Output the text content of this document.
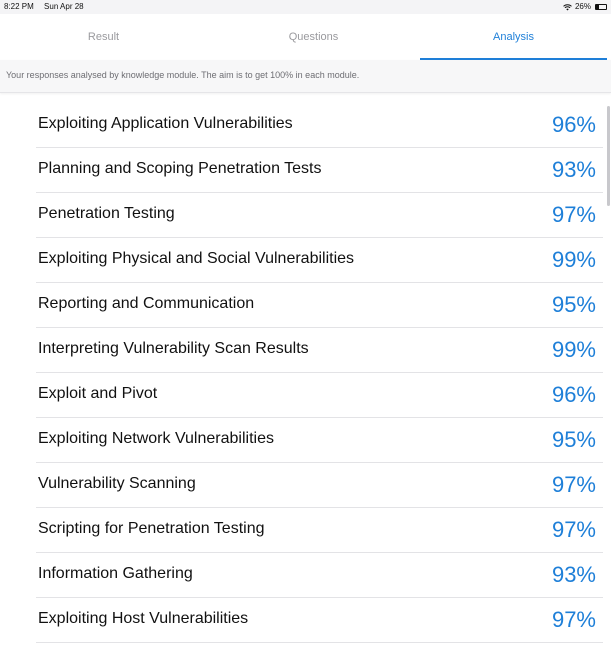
8:22 PM Sun Apr 28	26%
Result	Questions	Analysis
Your responses analysed by knowledge module. The aim is to get 100% in each module.
Exploiting Application Vulnerabilities	96%
Planning and Scoping Penetration Tests	93%
Penetration Testing	97%
Exploiting Physical and Social Vulnerabilities	99%
Reporting and Communication	95%
Interpreting Vulnerability Scan Results	99%
Exploit and Pivot	96%
Exploiting Network Vulnerabilities	95%
Vulnerability Scanning	97%
Scripting for Penetration Testing	97%
Information Gathering	93%
Exploiting Host Vulnerabilities	97%
